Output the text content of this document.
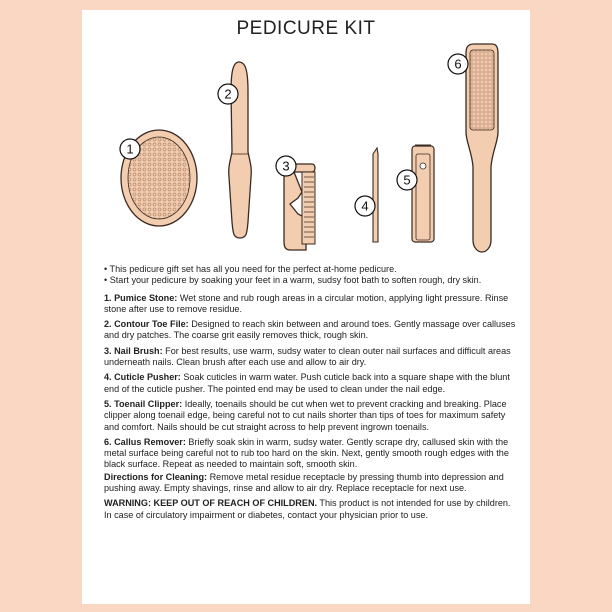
PEDICURE KIT
1
2
3
4
5
6
• This pedicure gift set has all you need for the perfect at-home pedicure.
• Start your pedicure by soaking your feet in a warm, sudsy foot bath to soften rough, dry skin.

1. Pumice Stone: Wet stone and rub rough areas in a circular motion, applying light pressure. Rinse stone after use to remove residue.

2. Contour Toe File: Designed to reach skin between and around toes. Gently massage over calluses and dry patches. The coarse grit easily removes thick, rough skin.

3. Nail Brush: For best results, use warm, sudsy water to clean outer nail surfaces and difficult areas underneath nails. Clean brush after each use and allow to air dry.

4. Cuticle Pusher: Soak cuticles in warm water. Push cuticle back into a square shape with the blunt end of the cuticle pusher. The pointed end may be used to clean under the nail edge.

5. Toenail Clipper: Ideally, toenails should be cut when wet to prevent cracking and breaking. Place clipper along toenail edge, being careful not to cut nails shorter than tips of toes for maximum safety and comfort. Nails should be cut straight across to help prevent ingrown toenails.

6. Callus Remover: Briefly soak skin in warm, sudsy water. Gently scrape dry, callused skin with the metal surface being careful not to rub too hard on the skin. Next, gently smooth rough edges with the black surface. Repeat as needed to maintain soft, smooth skin.

Directions for Cleaning: Remove metal residue receptacle by pressing thumb into depression and pushing away. Empty shavings, rinse and allow to air dry. Replace receptacle for next use.

WARNING: KEEP OUT OF REACH OF CHILDREN. This product is not intended for use by children. In case of circulatory impairment or diabetes, contact your physician prior to use.
